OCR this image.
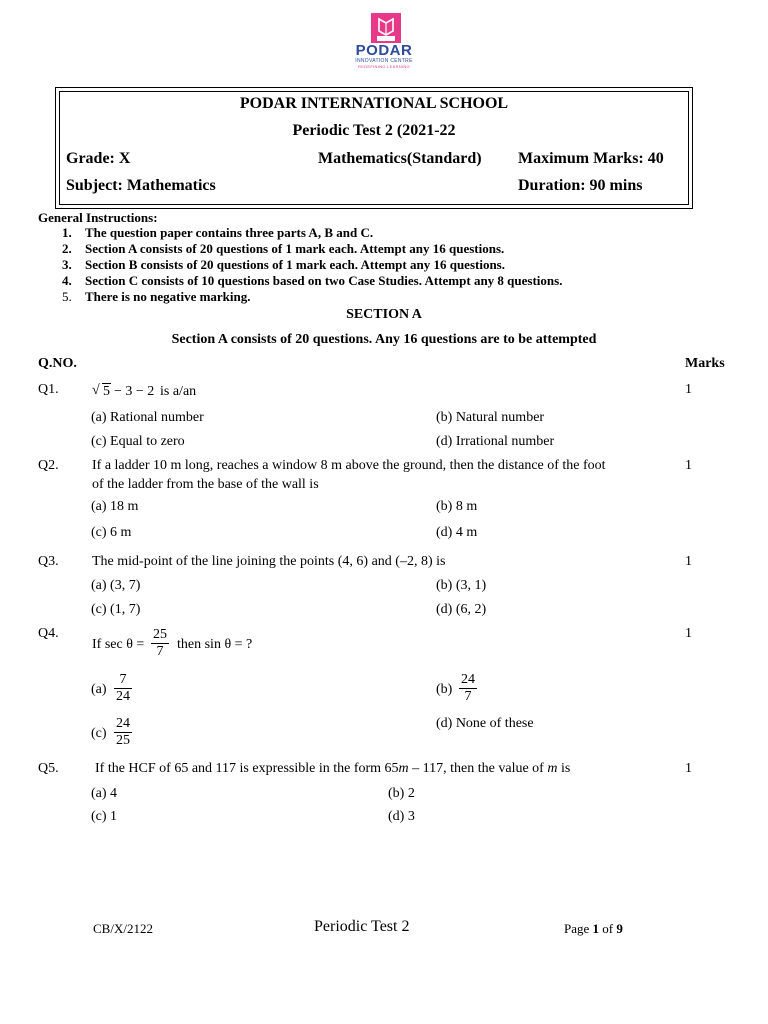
PODAR
INNOVATION CENTRE
REDEFINING LEARNING
PODAR INTERNATIONAL SCHOOL
Periodic Test 2 (2021-22
Grade: X	Mathematics(Standard) Maximum Marks: 40
Subject: Mathematics	Duration: 90 mins
General Instructions:
1. The question paper contains three parts A, B and C.
2. Section A consists of 20 questions of 1 mark each. Attempt any 16 questions.
3. Section B consists of 20 questions of 1 mark each. Attempt any 16 questions.
4. Section C consists of 10 questions based on two Case Studies. Attempt any 8 questions.
5. There is no negative marking.
SECTION A
Section A consists of 20 questions. Any 16 questions are to be attempted
Q.NO.	Marks
Q1. √ 5 − 3 − 2 is a/an	1
(a) Rational number	(b) Natural number
(c) Equal to zero	(d) Irrational number
Q2. If a ladder 10 m long, reaches a window 8 m above the ground, then the distance of the foot
of the ladder from the base of the wall is
1
(a) 18 m	(b) 8 m
(c) 6 m	(d) 4 m
Q3. The mid-point of the line joining the points (4, 6) and (–2, 8) is	1
(a) (3, 7)	(b) (3, 1)
(c) (1, 7)	(d) (6, 2)
Q4.
If $\sec \theta = \frac{25}{7}$ then sin θ = ?
1
$(a) \frac{7}{24}$	$(b) \frac{24}{7}$
$(c) \frac{24}{25}$	(d) None of these
Q5.	If the HCF of 65 and 117 is expressible in the form 65m – 117, then the value of m is	1
(a) 4	(b) 2
(c) 1	(d) 3
CB/X/2122	Periodic Test 2	Page 1 of 9
